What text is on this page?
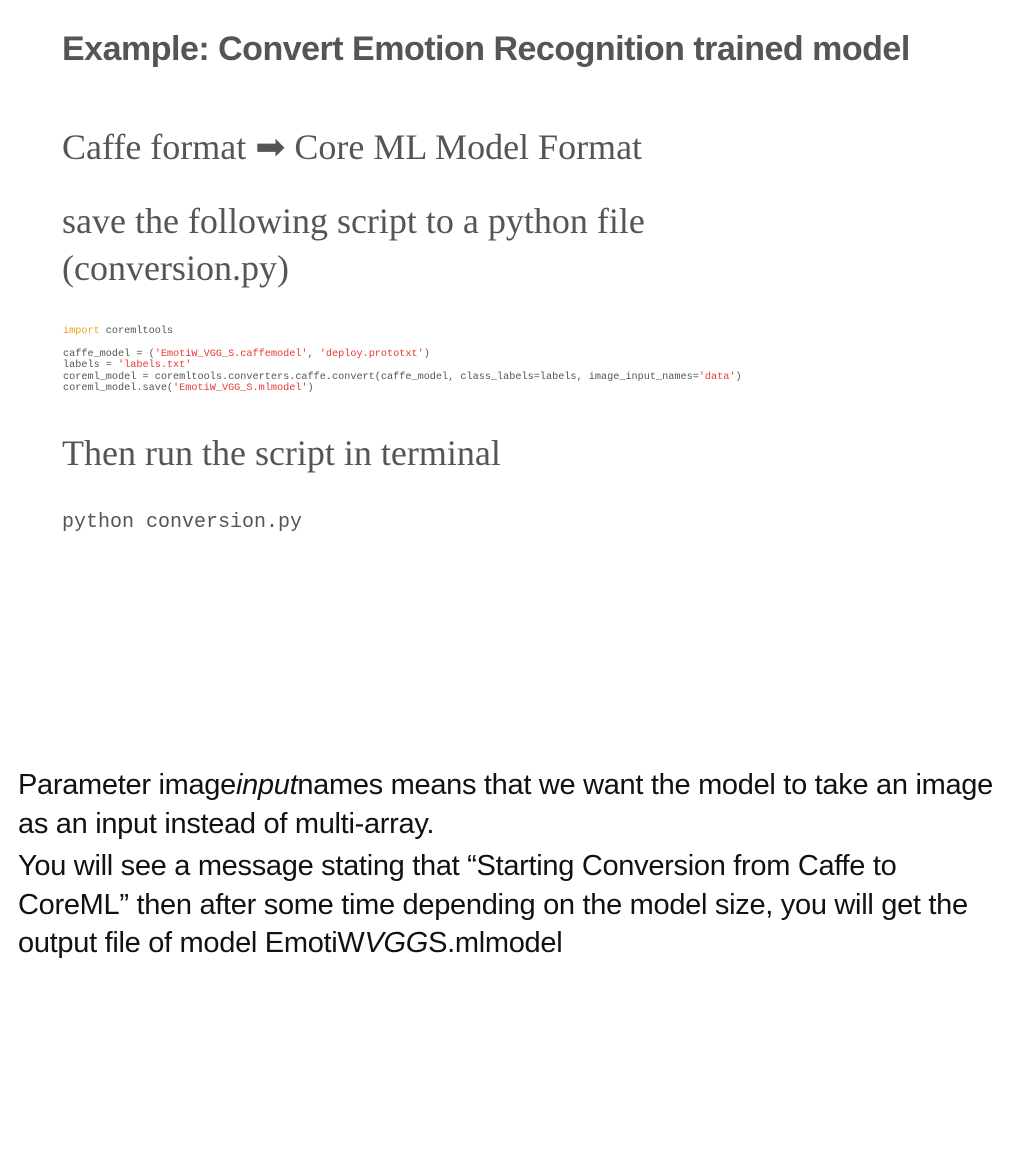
Example: Convert Emotion Recognition trained model
Caffe format ➡ Core ML Model Format
save the following script to a python file (conversion.py)
import coremltools

caffe_model = ('EmotiW_VGG_S.caffemodel', 'deploy.prototxt')
labels = 'labels.txt'
coreml_model = coremltools.converters.caffe.convert(caffe_model, class_labels=labels, image_input_names='data')
coreml_model.save('EmotiW_VGG_S.mlmodel')
Then run the script in terminal
python conversion.py

Parameter imageinputnames means that we want the model to take an image as an input instead of multi-array.

You will see a message stating that “Starting Conversion from Caffe to CoreML” then after some time depending on the model size, you will get the output file of model EmotiWVGGS.mlmodel
